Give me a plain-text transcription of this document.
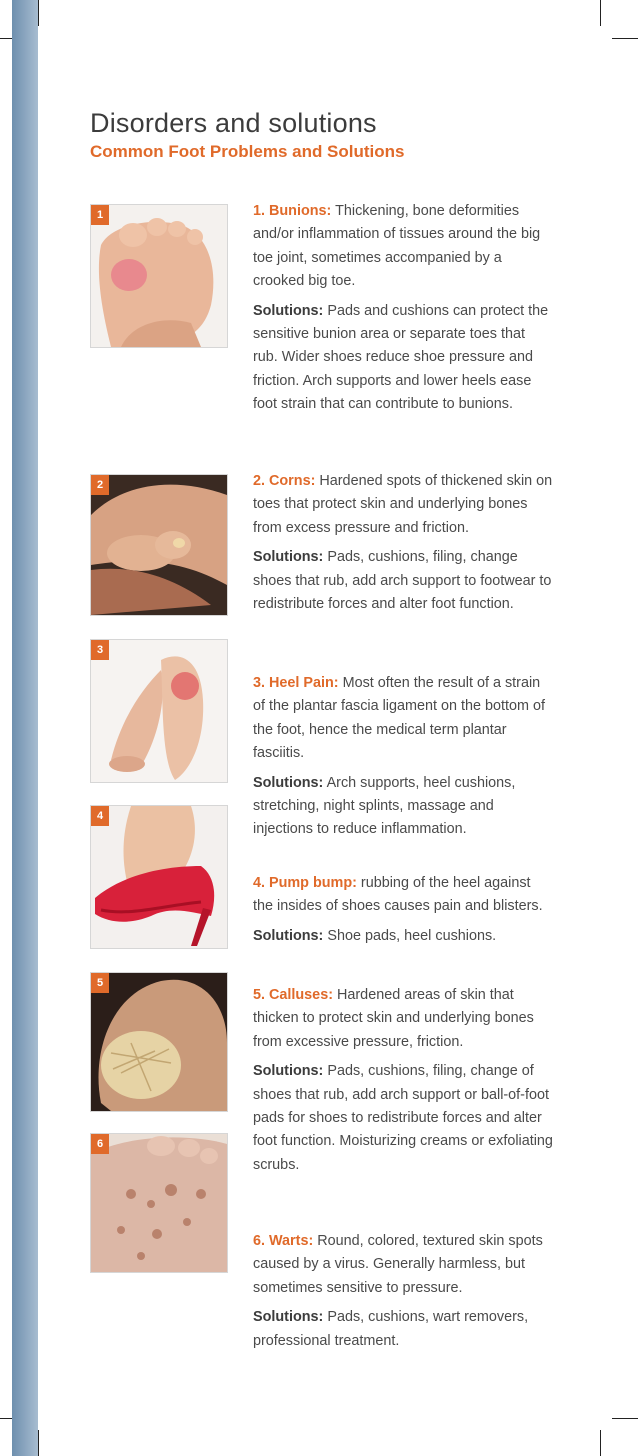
Disorders and solutions
Common Foot Problems and Solutions
1
2
3
4
5
6

1. Bunions: Thickening, bone deformities and/or inflammation of tissues around the big toe joint, sometimes accompanied by a crooked big toe.

Solutions: Pads and cushions can protect the sensitive bunion area or separate toes that rub. Wider shoes reduce shoe pressure and friction. Arch supports and lower heels ease foot strain that can contribute to bunions.

2. Corns: Hardened spots of thickened skin on toes that protect skin and underlying bones from excess pressure and friction.

Solutions: Pads, cushions, filing, change shoes that rub, add arch support to footwear to redistribute forces and alter foot function.

3. Heel Pain: Most often the result of a strain of the plantar fascia ligament on the bottom of the foot, hence the medical term plantar fasciitis.

Solutions: Arch supports, heel cushions, stretching, night splints, massage and injections to reduce inflammation.

4. Pump bump: rubbing of the heel against the insides of shoes causes pain and blisters.

Solutions: Shoe pads, heel cushions.

5. Calluses: Hardened areas of skin that thicken to protect skin and underlying bones from excessive pressure, friction.

Solutions: Pads, cushions, filing, change of shoes that rub, add arch support or ball-of-foot pads for shoes to redistribute forces and alter foot function. Moisturizing creams or exfoliating scrubs.

6. Warts: Round, colored, textured skin spots caused by a virus. Generally harmless, but sometimes sensitive to pressure.

Solutions: Pads, cushions, wart removers, professional treatment.
